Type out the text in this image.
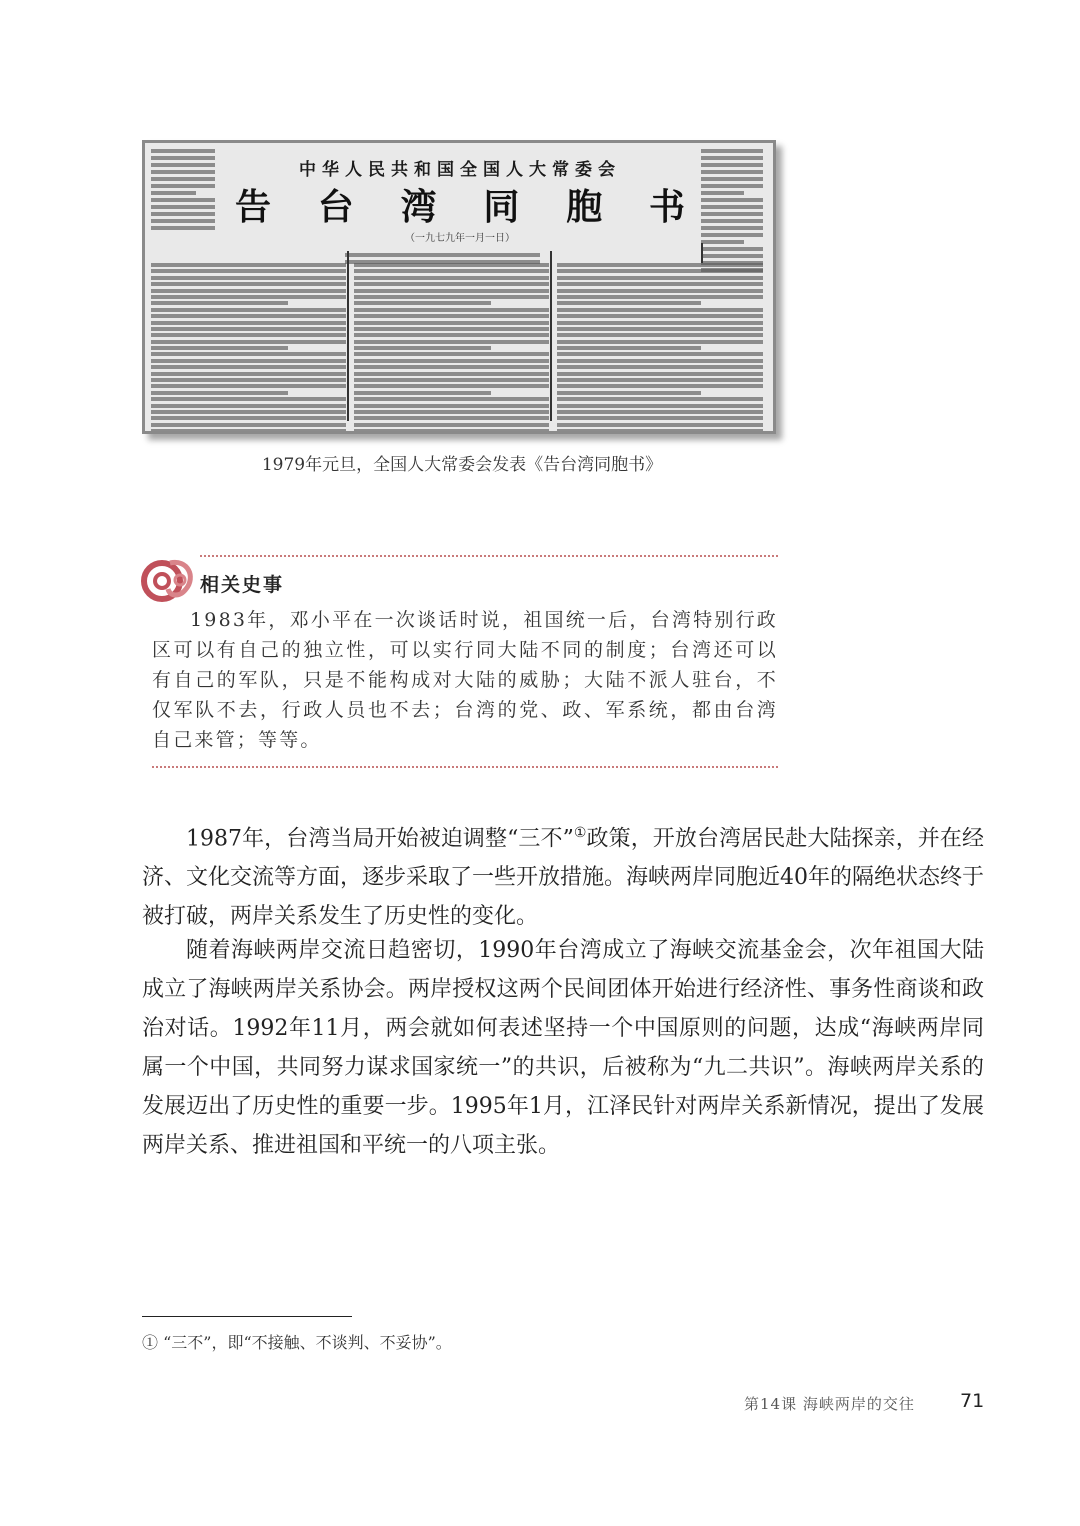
中华人民共和国全国人大常委会
告 台 湾 同 胞 书
（一九七九年一月一日）
1979年元旦，全国人大常委会发表《告台湾同胞书》
相关史事
1983年，邓小平在一次谈话时说，祖国统一后，台湾特别行政区可以有自己的独立性，可以实行同大陆不同的制度；台湾还可以有自己的军队，只是不能构成对大陆的威胁；大陆不派人驻台，不仅军队不去，行政人员也不去；台湾的党、政、军系统，都由台湾自己来管；等等。

1987年，台湾当局开始被迫调整“三不”①政策，开放台湾居民赴大陆探亲，并在经济、文化交流等方面，逐步采取了一些开放措施。海峡两岸同胞近40年的隔绝状态终于被打破，两岸关系发生了历史性的变化。

随着海峡两岸交流日趋密切，1990年台湾成立了海峡交流基金会，次年祖国大陆成立了海峡两岸关系协会。两岸授权这两个民间团体开始进行经济性、事务性商谈和政治对话。1992年11月，两会就如何表述坚持一个中国原则的问题，达成“海峡两岸同属一个中国，共同努力谋求国家统一”的共识，后被称为“九二共识”。海峡两岸关系的发展迈出了历史性的重要一步。1995年1月，江泽民针对两岸关系新情况，提出了发展两岸关系、推进祖国和平统一的八项主张。

① “三不”，即“不接触、不谈判、不妥协”。
第14课 海峡两岸的交往 71
